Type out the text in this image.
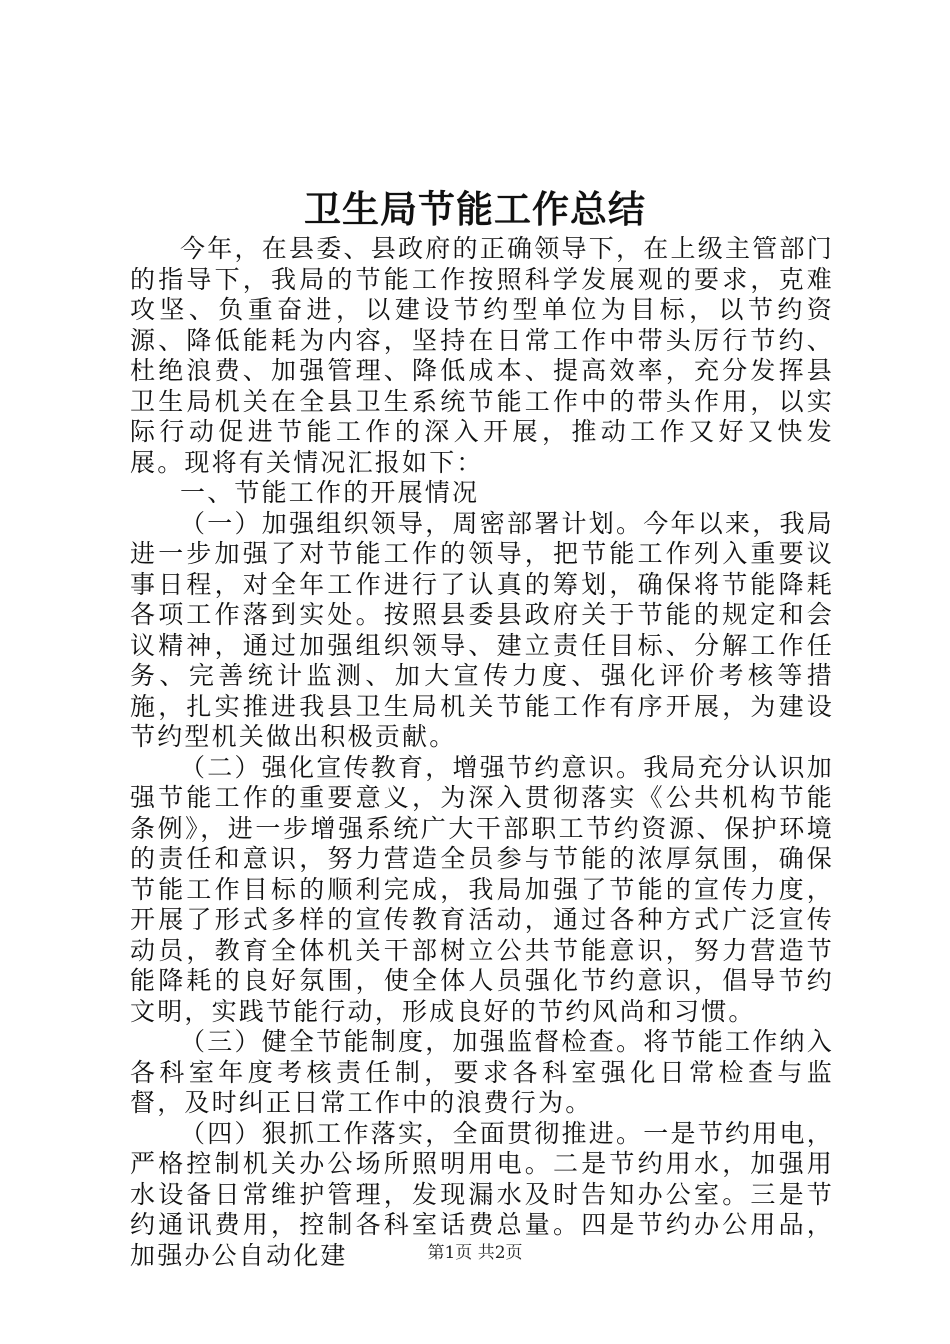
卫生局节能工作总结

今年，在县委、县政府的正确领导下，在上级主管部门的指导下，我局的节能工作按照科学发展观的要求，克难攻坚、负重奋进，以建设节约型单位为目标，以节约资源、降低能耗为内容，坚持在日常工作中带头厉行节约、杜绝浪费、加强管理、降低成本、提高效率，充分发挥县卫生局机关在全县卫生系统节能工作中的带头作用，以实际行动促进节能工作的深入开展，推动工作又好又快发展。现将有关情况汇报如下：

一、节能工作的开展情况

（一）加强组织领导，周密部署计划。今年以来，我局进一步加强了对节能工作的领导，把节能工作列入重要议事日程，对全年工作进行了认真的筹划，确保将节能降耗各项工作落到实处。按照县委县政府关于节能的规定和会议精神，通过加强组织领导、建立责任目标、分解工作任务、完善统计监测、加大宣传力度、强化评价考核等措施，扎实推进我县卫生局机关节能工作有序开展，为建设节约型机关做出积极贡献。

（二）强化宣传教育，增强节约意识。我局充分认识加强节能工作的重要意义，为深入贯彻落实《公共机构节能条例》，进一步增强系统广大干部职工节约资源、保护环境的责任和意识，努力营造全员参与节能的浓厚氛围，确保节能工作目标的顺利完成，我局加强了节能的宣传力度，开展了形式多样的宣传教育活动，通过各种方式广泛宣传动员，教育全体机关干部树立公共节能意识，努力营造节能降耗的良好氛围，使全体人员强化节约意识，倡导节约文明，实践节能行动，形成良好的节约风尚和习惯。

（三）健全节能制度，加强监督检查。将节能工作纳入各科室年度考核责任制，要求各科室强化日常检查与监督，及时纠正日常工作中的浪费行为。

（四）狠抓工作落实，全面贯彻推进。一是节约用电，严格控制机关办公场所照明用电。二是节约用水，加强用水设备日常维护管理，发现漏水及时告知办公室。三是节约通讯费用，控制各科室话费总量。四是节约办公用品，加强办公自动化建	第1页 共2页
